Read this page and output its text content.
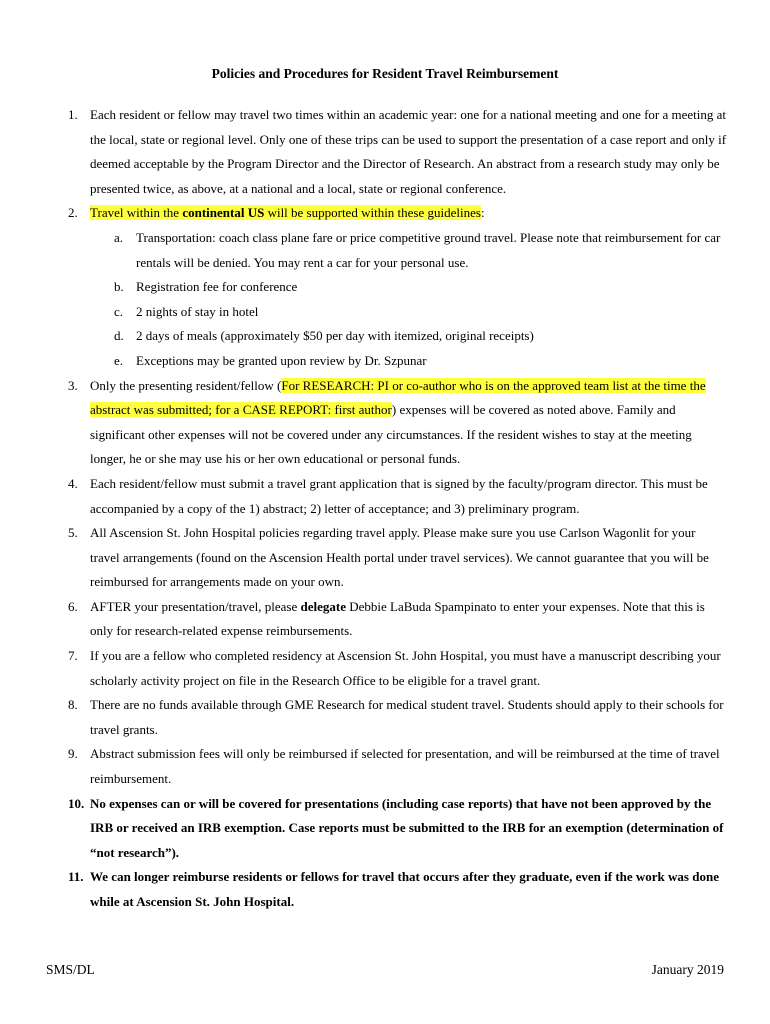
Policies and Procedures for Resident Travel Reimbursement
1. Each resident or fellow may travel two times within an academic year: one for a national meeting and one for a meeting at the local, state or regional level. Only one of these trips can be used to support the presentation of a case report and only if deemed acceptable by the Program Director and the Director of Research. An abstract from a research study may only be presented twice, as above, at a national and a local, state or regional conference.
2. Travel within the continental US will be supported within these guidelines:
a. Transportation: coach class plane fare or price competitive ground travel. Please note that reimbursement for car rentals will be denied. You may rent a car for your personal use.
b. Registration fee for conference
c. 2 nights of stay in hotel
d. 2 days of meals (approximately $50 per day with itemized, original receipts)
e. Exceptions may be granted upon review by Dr. Szpunar
3. Only the presenting resident/fellow (For RESEARCH: PI or co-author who is on the approved team list at the time the abstract was submitted; for a CASE REPORT: first author) expenses will be covered as noted above. Family and significant other expenses will not be covered under any circumstances. If the resident wishes to stay at the meeting longer, he or she may use his or her own educational or personal funds.
4. Each resident/fellow must submit a travel grant application that is signed by the faculty/program director. This must be accompanied by a copy of the 1) abstract; 2) letter of acceptance; and 3) preliminary program.
5. All Ascension St. John Hospital policies regarding travel apply. Please make sure you use Carlson Wagonlit for your travel arrangements (found on the Ascension Health portal under travel services). We cannot guarantee that you will be reimbursed for arrangements made on your own.
6. AFTER your presentation/travel, please delegate Debbie LaBuda Spampinato to enter your expenses. Note that this is only for research-related expense reimbursements.
7. If you are a fellow who completed residency at Ascension St. John Hospital, you must have a manuscript describing your scholarly activity project on file in the Research Office to be eligible for a travel grant.
8. There are no funds available through GME Research for medical student travel. Students should apply to their schools for travel grants.
9. Abstract submission fees will only be reimbursed if selected for presentation, and will be reimbursed at the time of travel reimbursement.
10. No expenses can or will be covered for presentations (including case reports) that have not been approved by the IRB or received an IRB exemption. Case reports must be submitted to the IRB for an exemption (determination of “not research”).
11. We can longer reimburse residents or fellows for travel that occurs after they graduate, even if the work was done while at Ascension St. John Hospital.
SMS/DL	January 2019
